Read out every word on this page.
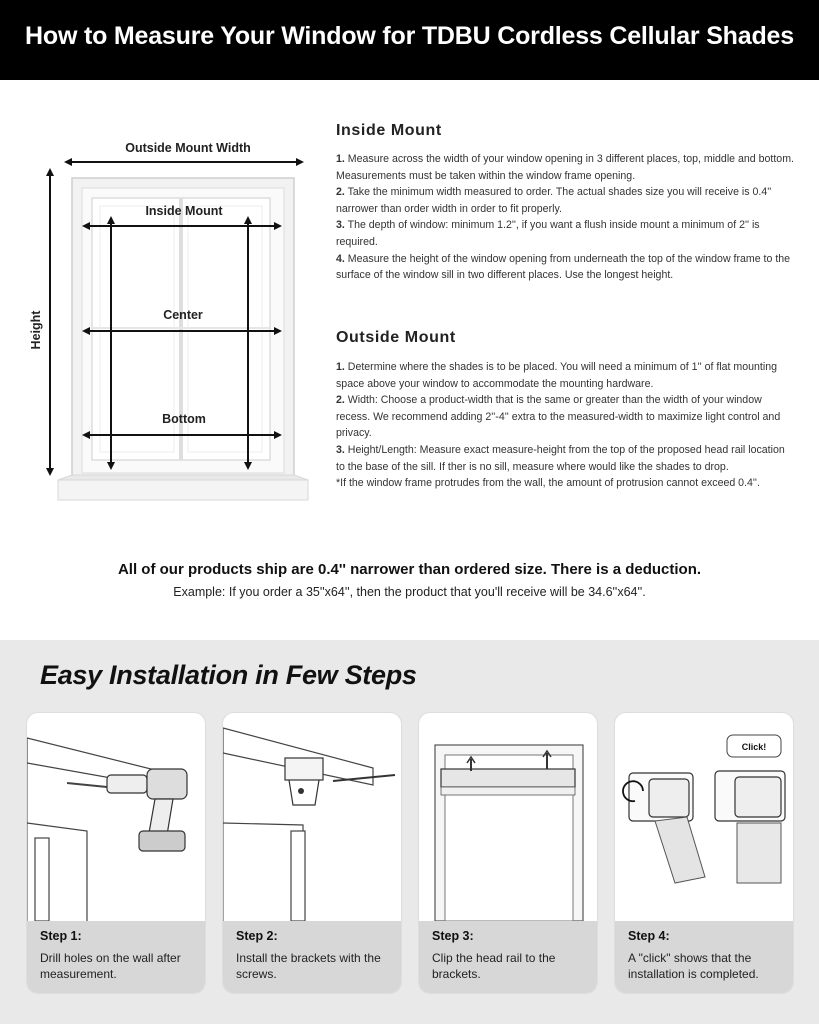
How to Measure Your Window for TDBU Cordless Cellular Shades
Outside Mount Width
Height
Inside Mount
Center
Bottom
Inside Mount

1. Measure across the width of your window opening in 3 different places, top, middle and bottom. Measurements must be taken within the window frame opening.

2. Take the minimum width measured to order. The actual shades size you will receive is 0.4'' narrower than order width in order to fit properly.

3. The depth of window: minimum 1.2'', if you want a flush inside mount a minimum of 2'' is required.

4. Measure the height of the window opening from underneath the top of the window frame to the surface of the window sill in two different places. Use the longest height.

Outside Mount

1. Determine where the shades is to be placed. You will need a minimum of 1'' of flat mounting space above your window to accommodate the mounting hardware.

2. Width: Choose a product-width that is the same or greater than the width of your window recess. We recommend adding 2''-4'' extra to the measured-width to maximize light control and privacy.

3. Height/Length: Measure exact measure-height from the top of the proposed head rail location to the base of the sill. If ther is no sill, measure where would like the shades to drop.

*If the window frame protrudes from the wall, the amount of protrusion cannot exceed 0.4''.

All of our products ship are 0.4'' narrower than ordered size. There is a deduction.
Example: If you order a 35''x64'', then the product that you'll receive will be 34.6''x64''.
Easy Installation in Few Steps
Step 1:
Drill holes on the wall after measurement.
Step 2:
Install the brackets with the screws.
Step 3:
Clip the head rail to the brackets.
Click!
Step 4:
A "click" shows that the installation is completed.
